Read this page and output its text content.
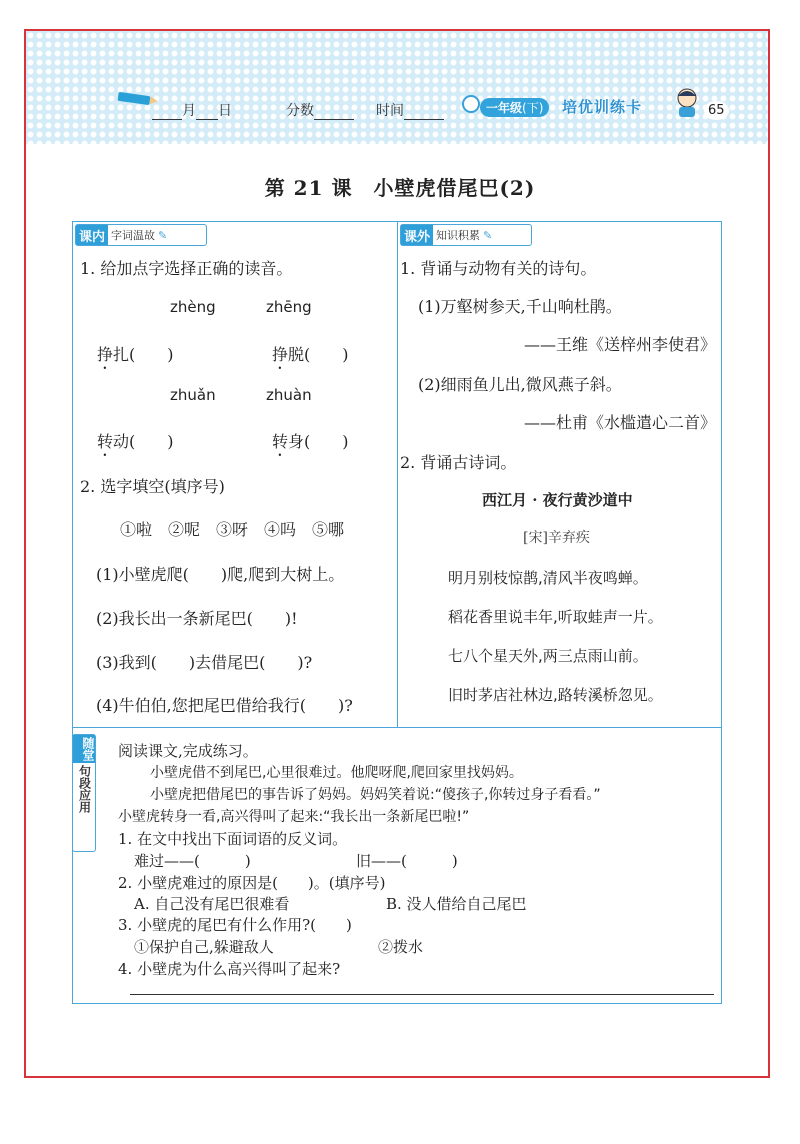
月 日	分数	时间	一年级(下)	培优训练卡	65
第 21 课　小壁虎借尾巴(2)
课内 字词温故 ✎
1. 给加点字选择正确的读音。
zhèng	zhēng
挣扎(　　)	挣脱(　　)
zhuǎn	zhuàn
转动(　　)	转身(　　)
2. 选字填空(填序号)
①啦　②呢　③呀　④吗　⑤哪
(1)小壁虎爬(　　)爬,爬到大树上。
(2)我长出一条新尾巴(　　)!
(3)我到(　　)去借尾巴(　　)?
(4)牛伯伯,您把尾巴借给我行(　　)?
课外 知识积累 ✎
1. 背诵与动物有关的诗句。
(1)万壑树参天,千山响杜鹃。
——王维《送梓州李使君》
(2)细雨鱼儿出,微风燕子斜。
——杜甫《水槛遣心二首》
2. 背诵古诗词。
西江月 · 夜行黄沙道中
[宋]辛弃疾
明月别枝惊鹊,清风半夜鸣蝉。
稻花香里说丰年,听取蛙声一片。
七八个星天外,两三点雨山前。
旧时茅店社林边,路转溪桥忽见。
随堂
句段应用
阅读课文,完成练习。
小壁虎借不到尾巴,心里很难过。他爬呀爬,爬回家里找妈妈。
小壁虎把借尾巴的事告诉了妈妈。妈妈笑着说:“傻孩子,你转过身子看看。”
小壁虎转身一看,高兴得叫了起来:“我长出一条新尾巴啦!”
1. 在文中找出下面词语的反义词。
难过——(　　　)	旧——(　　　)
2. 小壁虎难过的原因是(　　)。(填序号)
A. 自己没有尾巴很难看	B. 没人借给自己尾巴
3. 小壁虎的尾巴有什么作用?(　　)
①保护自己,躲避敌人	②拨水
4. 小壁虎为什么高兴得叫了起来?
